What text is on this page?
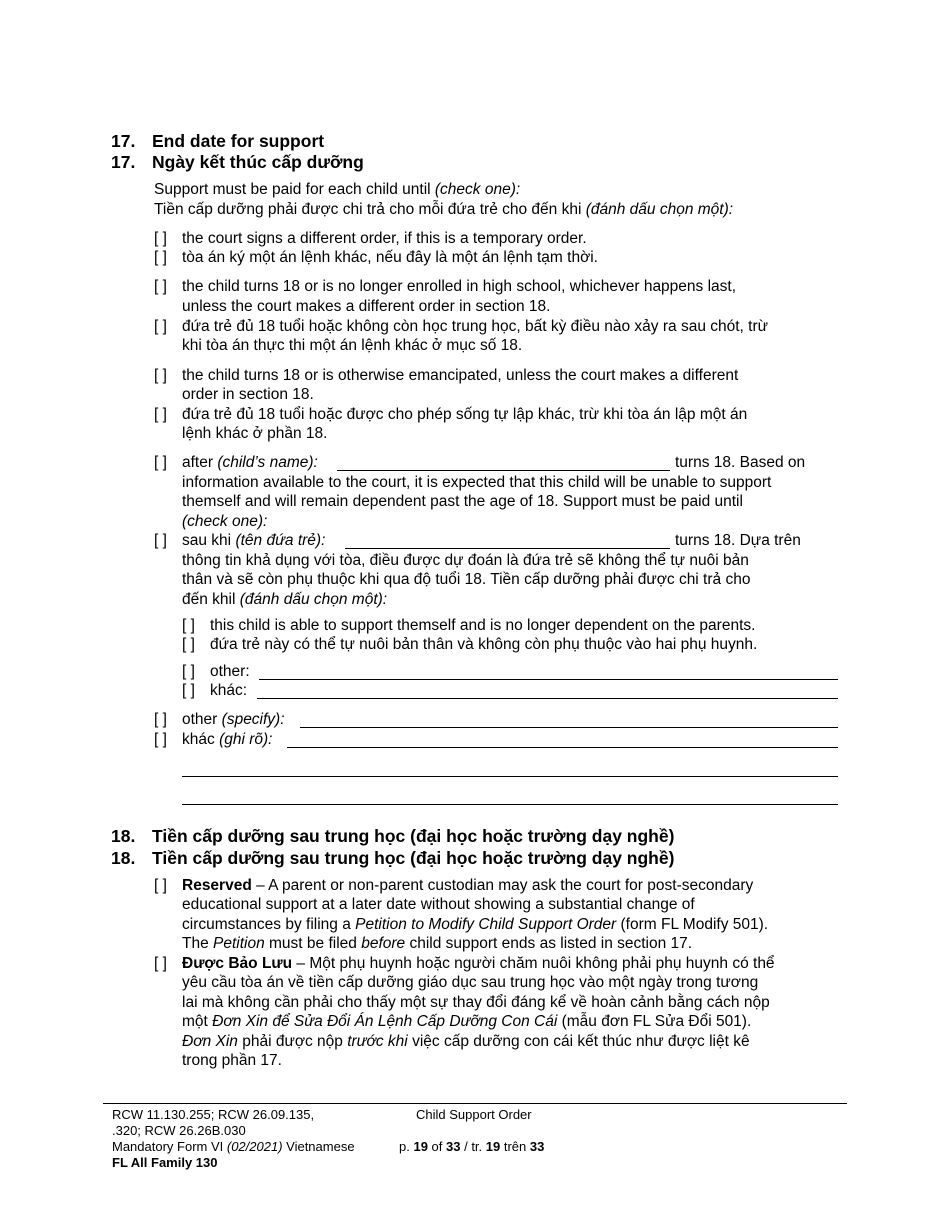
17. End date for support
17. Ngày kết thúc cấp dưỡng
Support must be paid for each child until (check one):
Tiền cấp dưỡng phải được chi trả cho mỗi đứa trẻ cho đến khi (đánh dấu chọn một):
[ ] the court signs a different order, if this is a temporary order.
[ ] tòa án ký một án lệnh khác, nếu đây là một án lệnh tạm thời.
[ ] the child turns 18 or is no longer enrolled in high school, whichever happens last,
unless the court makes a different order in section 18.
[ ] đứa trẻ đủ 18 tuổi hoặc không còn học trung học, bất kỳ điều nào xảy ra sau chót, trừ
khi tòa án thực thi một án lệnh khác ở mục số 18.
[ ] the child turns 18 or is otherwise emancipated, unless the court makes a different
order in section 18.
[ ] đứa trẻ đủ 18 tuổi hoặc được cho phép sống tự lập khác, trừ khi tòa án lập một án
lệnh khác ở phần 18.
[ ] after (child’s name):	turns 18. Based on
information available to the court, it is expected that this child will be unable to support
themself and will remain dependent past the age of 18. Support must be paid until
(check one):
[ ] sau khi (tên đứa trẻ):	turns 18. Dựa trên
thông tin khả dụng với tòa, điều được dự đoán là đứa trẻ sẽ không thể tự nuôi bản
thân và sẽ còn phụ thuộc khi qua độ tuổi 18. Tiền cấp dưỡng phải được chi trả cho
đến khil (đánh dấu chọn một):
[ ] this child is able to support themself and is no longer dependent on the parents.
[ ] đứa trẻ này có thể tự nuôi bản thân và không còn phụ thuộc vào hai phụ huynh.
[ ] other:
[ ] khác:
[ ] other (specify):
[ ] khác (ghi rõ):
18. Tiền cấp dưỡng sau trung học (đại học hoặc trường dạy nghề)
18. Tiền cấp dưỡng sau trung học (đại học hoặc trường dạy nghề)
[ ] Reserved – A parent or non-parent custodian may ask the court for post-secondary
educational support at a later date without showing a substantial change of
circumstances by filing a Petition to Modify Child Support Order (form FL Modify 501).
The Petition must be filed before child support ends as listed in section 17.
[ ] Được Bảo Lưu – Một phụ huynh hoặc người chăm nuôi không phải phụ huynh có thể
yêu cầu tòa án về tiền cấp dưỡng giáo dục sau trung học vào một ngày trong tương
lai mà không cần phải cho thấy một sự thay đổi đáng kể về hoàn cảnh bằng cách nộp
một Đơn Xin để Sửa Đổi Án Lệnh Cấp Dưỡng Con Cái (mẫu đơn FL Sửa Đổi 501).
Đơn Xin phải được nộp trước khi việc cấp dưỡng con cái kết thúc như được liệt kê
trong phần 17.
RCW 11.130.255; RCW 26.09.135,
.320; RCW 26.26B.030
Mandatory Form VI (02/2021) Vietnamese
FL All Family 130
Child Support Order
p. 19 of 33 / tr. 19 trên 33
